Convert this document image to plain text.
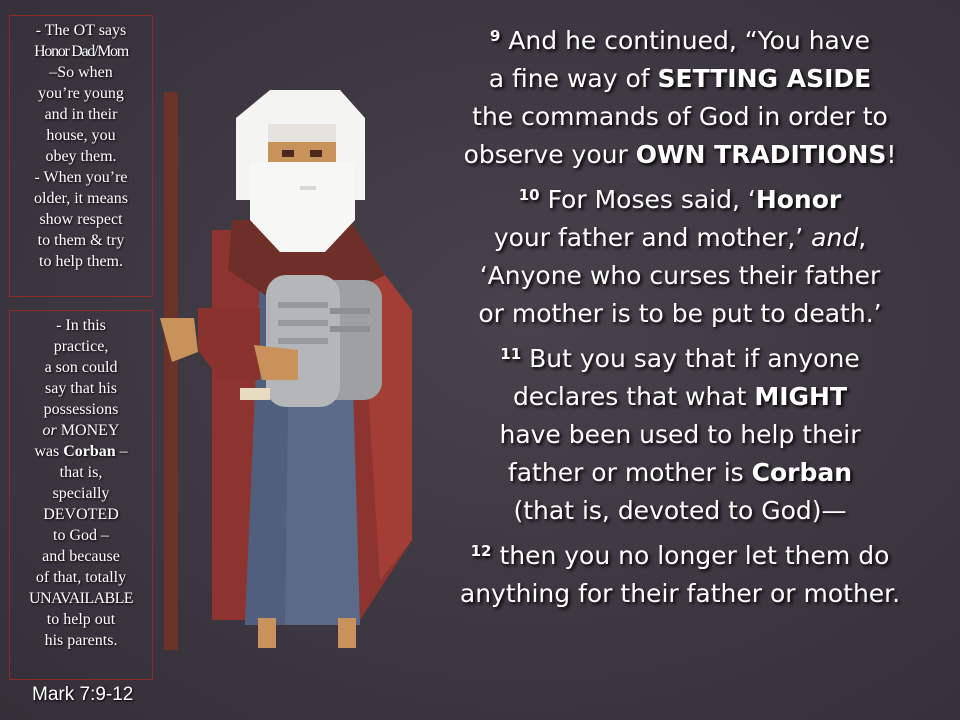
- The OT says
Honor Dad/Mom
–So when
you’re young
and in their
house, you
obey them.
- When you’re
older, it means
show respect
to them & try
to help them.
- In this
practice,
a son could
say that his
possessions
or MONEY
was Corban –
that is,
specially
DEVOTED
to God –
and because
of that, totally
UNAVAILABLE
to help out
his parents.
Mark 7:9-12
$^9$ And he continued, “You have
a fine way of SETTING ASIDE
the commands of God in order to
observe your OWN TRADITIONS!
$^{10}$ For Moses said, ‘Honor
your father and mother,’ and,
‘Anyone who curses their father
or mother is to be put to death.’
$^{11}$ But you say that if anyone
declares that what MIGHT
have been used to help their
father or mother is Corban
(that is, devoted to God)—
$^{12}$ then you no longer let them do
anything for their father or mother.
